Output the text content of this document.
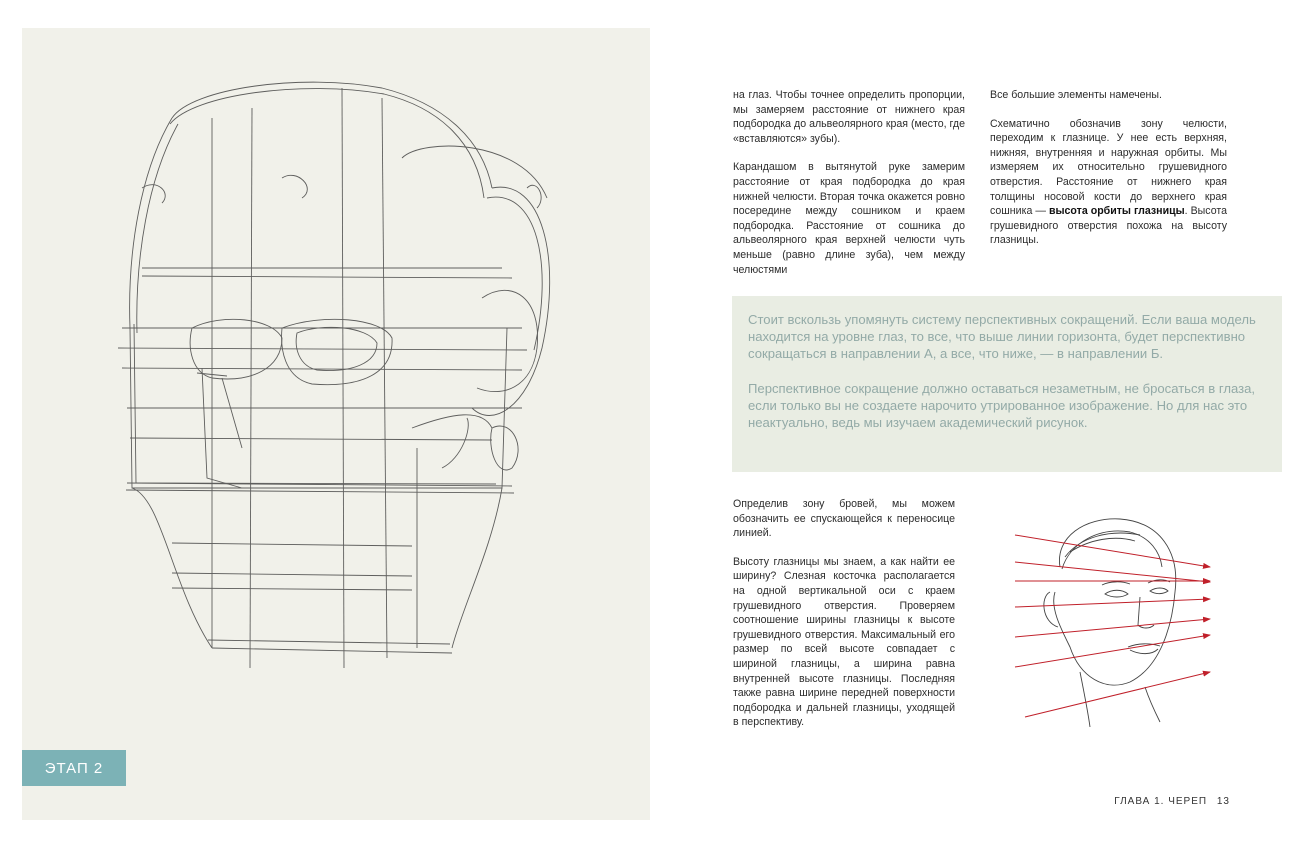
ЭТАП 2

на глаз. Чтобы точнее определить пропорции, мы замеряем расстояние от нижнего края подбородка до альвеолярного края (место, где «вставляются» зубы).

Карандашом в вытянутой руке замерим расстояние от края подбородка до края нижней челюсти. Вторая точка окажется ровно посередине между сошником и краем подбородка. Расстояние от сошника до альвеолярного края верхней челюсти чуть меньше (равно длине зуба), чем между челюстями

Все большие элементы намечены.

Схематично обозначив зону челюсти, переходим к глазнице. У нее есть верхняя, нижняя, внутренняя и наружная орбиты. Мы измеряем их относительно грушевидного отверстия. Расстояние от нижнего края толщины носовой кости до верхнего края сошника — высота орбиты глазницы. Высота грушевидного отверстия похожа на высоту глазницы.

Стоит вскользь упомянуть систему перспективных сокращений. Если ваша модель находится на уровне глаз, то все, что выше линии горизонта, будет перспективно сокращаться в направлении А, а все, что ниже, — в направлении Б.

Перспективное сокращение должно оставаться незаметным, не бросаться в глаза, если только вы не создаете нарочито утрированное изображение. Но для нас это неактуально, ведь мы изучаем академический рисунок.

Определив зону бровей, мы можем обозначить ее спускающейся к переносице линией.

Высоту глазницы мы знаем, а как найти ее ширину? Слезная косточка располагается на одной вертикальной оси с краем грушевидного отверстия. Проверяем соотношение ширины глазницы к высоте грушевидного отверстия. Максимальный его размер по всей высоте совпадает с шириной глазницы, а ширина равна внутренней высоте глазницы. Последняя также равна ширине передней поверхности подбородка и дальней глазницы, уходящей в перспективу.

ГЛАВА 1. ЧЕРЕП 13
